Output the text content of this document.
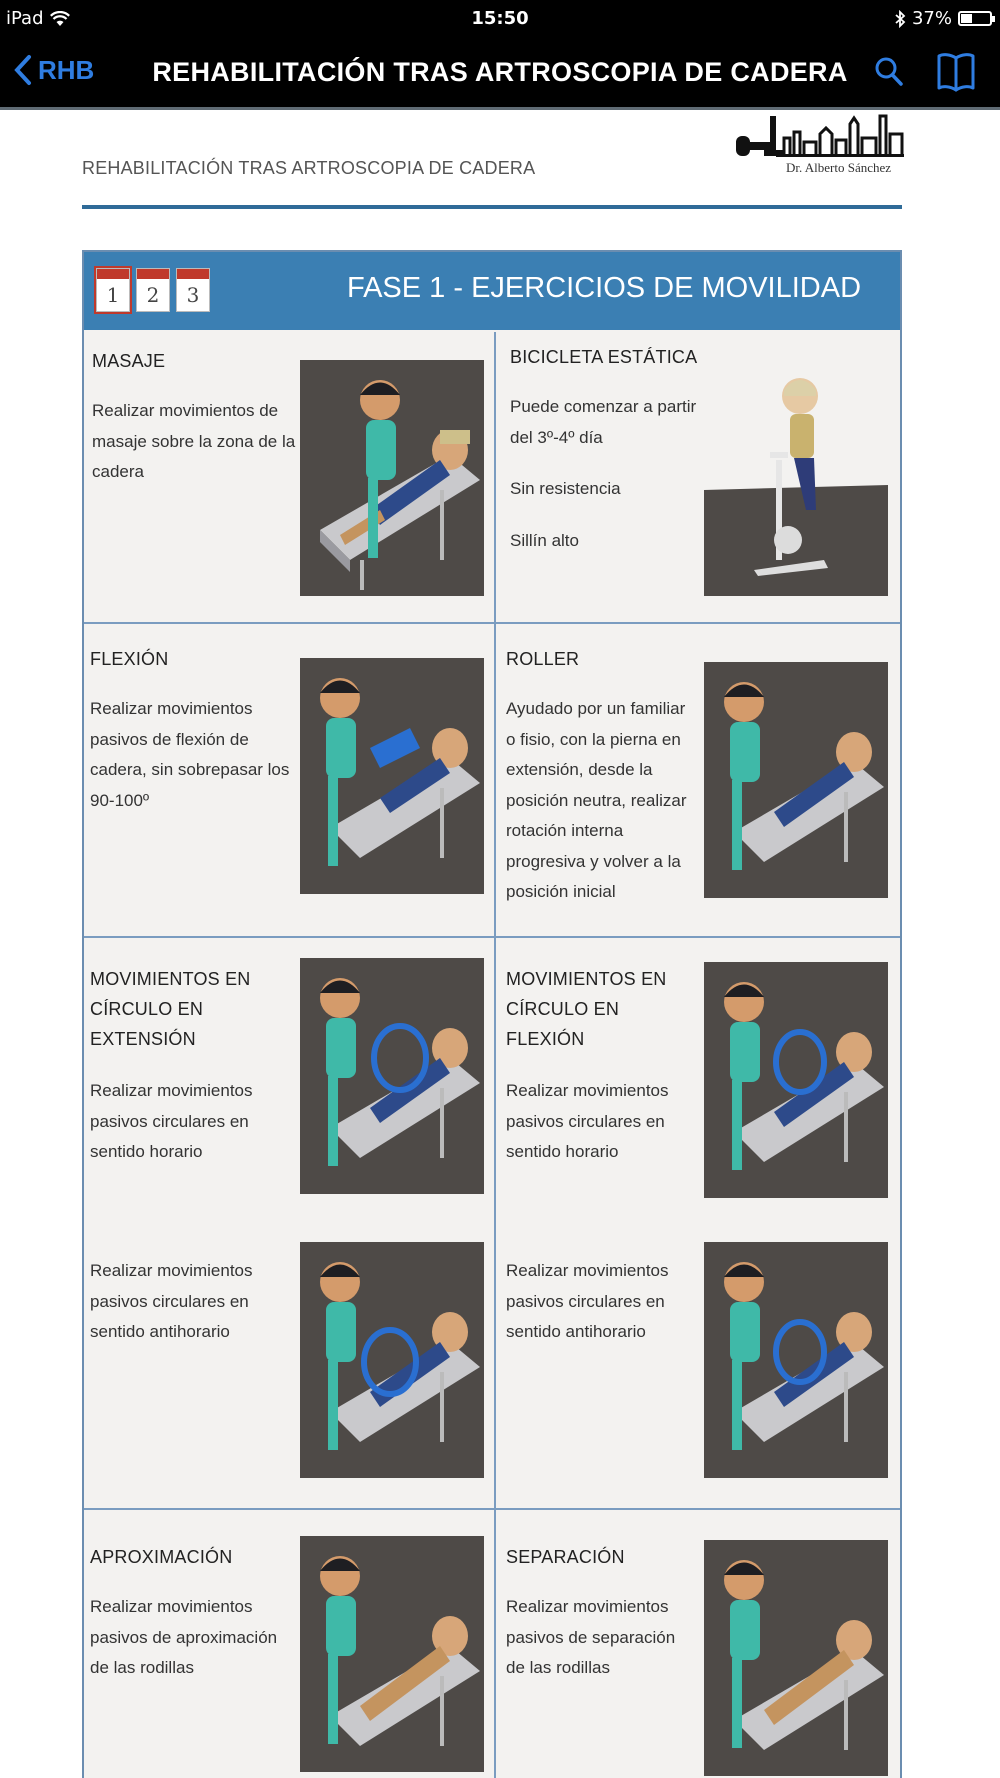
iPad	15:50	37%
RHB	REHABILITACIÓN TRAS ARTROSCOPIA DE CADERA
REHABILITACIÓN TRAS ARTROSCOPIA DE CADERA	Dr. Alberto Sánchez
1	2	3	FASE 1 - EJERCICIOS DE MOVILIDAD
MASAJE
Realizar movimientos de
masaje sobre la zona de la
cadera
BICICLETA ESTÁTICA
Puede comenzar a partir
del 3º-4º día
Sin resistencia
Sillín alto
FLEXIÓN
Realizar movimientos
pasivos de flexión de
cadera, sin sobrepasar los
90-100º
ROLLER
Ayudado por un familiar
o fisio, con la pierna en
extensión, desde la
posición neutra, realizar
rotación interna
progresiva y volver a la
posición inicial
MOVIMIENTOS EN
CÍRCULO EN
EXTENSIÓN
Realizar movimientos
pasivos circulares en
sentido horario
Realizar movimientos
pasivos circulares en
sentido antihorario
MOVIMIENTOS EN
CÍRCULO EN
FLEXIÓN
Realizar movimientos
pasivos circulares en
sentido horario
Realizar movimientos
pasivos circulares en
sentido antihorario
APROXIMACIÓN
Realizar movimientos
pasivos de aproximación
de las rodillas
SEPARACIÓN
Realizar movimientos
pasivos de separación
de las rodillas
